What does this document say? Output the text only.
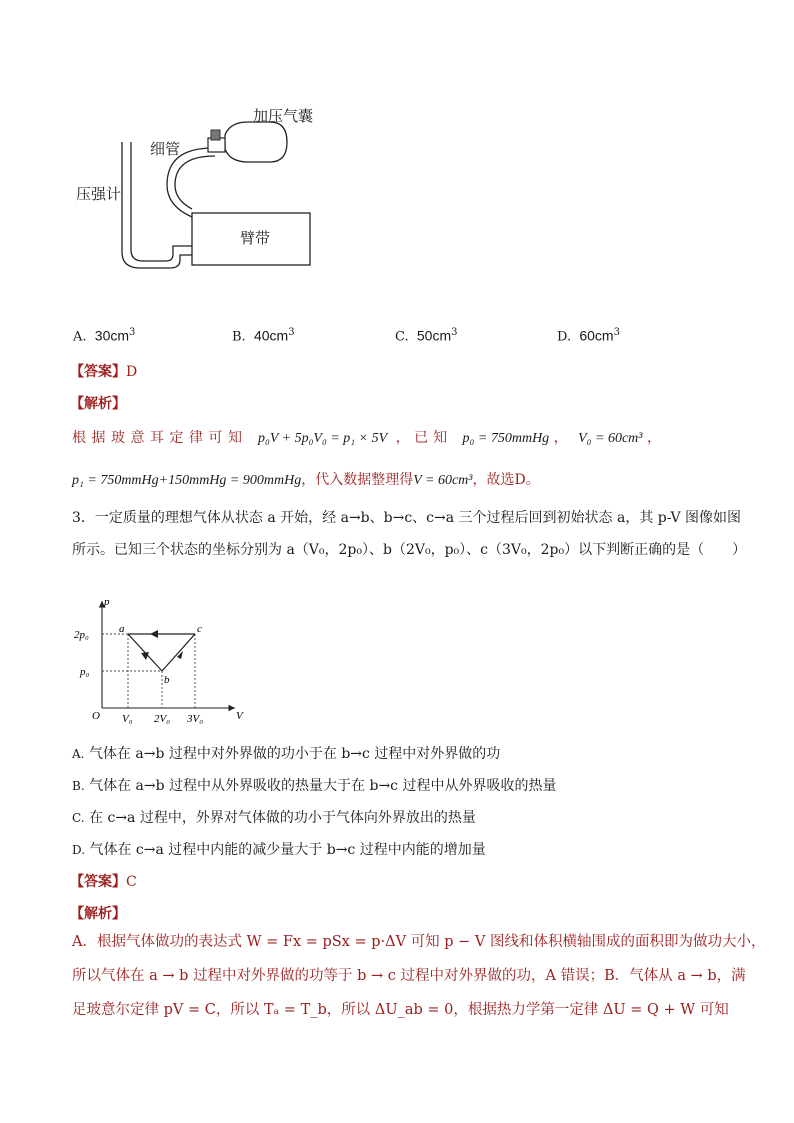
加压气囊
细管
压强计
臂带
A. $30cm^3$	B. $40cm^3$	C. $50cm^3$	D. $60cm^3$
【答案】D
【解析】
根据玻意耳定律可知 p₀V + 5p₀V₀ = p₁ × 5V ， 已知 p₀ = 750mmHg ， V₀ = 60cm³ ，
p₁ = 750mmHg+150mmHg = 900mmHg，代入数据整理得V = 60cm³，故选D。
3．一定质量的理想气体从状态 a 开始，经 a→b、b→c、c→a 三个过程后回到初始状态 a，其 p-V 图像如图
所示。已知三个状态的坐标分别为 a（V₀，2p₀）、b（2V₀，p₀）、c（3V₀，2p₀）以下判断正确的是（　　）
p
V
O
2p₀
p₀
V₀ 2V₀ 3V₀
a
b
c
A. 气体在 a→b 过程中对外界做的功小于在 b→c 过程中对外界做的功
B. 气体在 a→b 过程中从外界吸收的热量大于在 b→c 过程中从外界吸收的热量
C. 在 c→a 过程中，外界对气体做的功小于气体向外界放出的热量
D. 气体在 c→a 过程中内能的减少量大于 b→c 过程中内能的增加量
【答案】C
【解析】
A．根据气体做功的表达式 W = Fx = pSx = p·ΔV 可知 p − V 图线和体积横轴围成的面积即为做功大小，
所以气体在 a → b 过程中对外界做的功等于 b → c 过程中对外界做的功，A 错误；B．气体从 a → b，满
足玻意尔定律 pV = C，所以 Tₐ = T_b，所以 ΔU_ab = 0，根据热力学第一定律 ΔU = Q + W 可知
